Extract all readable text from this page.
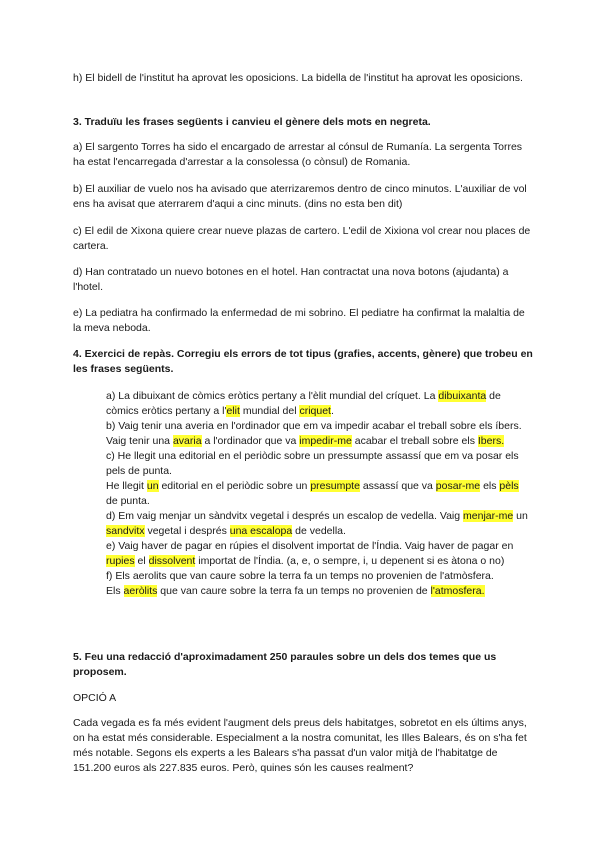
h) El bidell de l'institut ha aprovat les oposicions. La bidella de l'institut ha aprovat les oposicions.

3. Traduïu les frases següents i canvieu el gènere dels mots en negreta.

a) El sargento Torres ha sido el encargado de arrestar al cónsul de Rumanía. La sergenta Torres ha estat l'encarregada d'arrestar a la consolessa (o cònsul) de Romania.

b) El auxiliar de vuelo nos ha avisado que aterrizaremos dentro de cinco minutos. L'auxiliar de vol ens ha avisat que aterrarem d'aqui a cinc minuts. (dins no esta ben dit)

c) El edil de Xixona quiere crear nueve plazas de cartero. L'edil de Xixiona vol crear nou places de cartera.

d) Han contratado un nuevo botones en el hotel. Han contractat una nova botons (ajudanta) a l'hotel.

e) La pediatra ha confirmado la enfermedad de mi sobrino. El pediatre ha confirmat la malaltia de la meva neboda.

4. Exercici de repàs. Corregiu els errors de tot tipus (grafies, accents, gènere) que trobeu en les frases següents.

a) La dibuixant de còmics eròtics pertany a l'èlit mundial del críquet. La dibuixanta de còmics eròtics pertany a l'elit mundial del criquet.

b) Vaig tenir una averia en l'ordinador que em va impedir acabar el treball sobre els íbers.

Vaig tenir una avaria a l'ordinador que va impedir-me acabar el treball sobre els Ibers.

c) He llegit una editorial en el periòdic sobre un pressumpte assassí que em va posar els pels de punta.

He llegit un editorial en el periòdic sobre un presumpte assassí que va posar-me els pèls de punta.

d) Em vaig menjar un sàndvitx vegetal i després un escalop de vedella. Vaig menjar-me un sandvitx vegetal i després una escalopa de vedella.

e) Vaig haver de pagar en rúpies el disolvent importat de l'Índia. Vaig haver de pagar en rupies el dissolvent importat de l'Índia. (a, e, o sempre, i, u depenent si es àtona o no)

f) Els aerolits que van caure sobre la terra fa un temps no provenien de l'atmòsfera.

Els aeròlits que van caure sobre la terra fa un temps no provenien de l'atmosfera.

5. Feu una redacció d'aproximadament 250 paraules sobre un dels dos temes que us proposem.

OPCIÓ A

Cada vegada es fa més evident l'augment dels preus dels habitatges, sobretot en els últims anys, on ha estat més considerable. Especialment a la nostra comunitat, les Illes Balears, és on s'ha fet més notable. Segons els experts a les Balears s'ha passat d'un valor mitjà de l'habitatge de 151.200 euros als 227.835 euros. Però, quines són les causes realment?
